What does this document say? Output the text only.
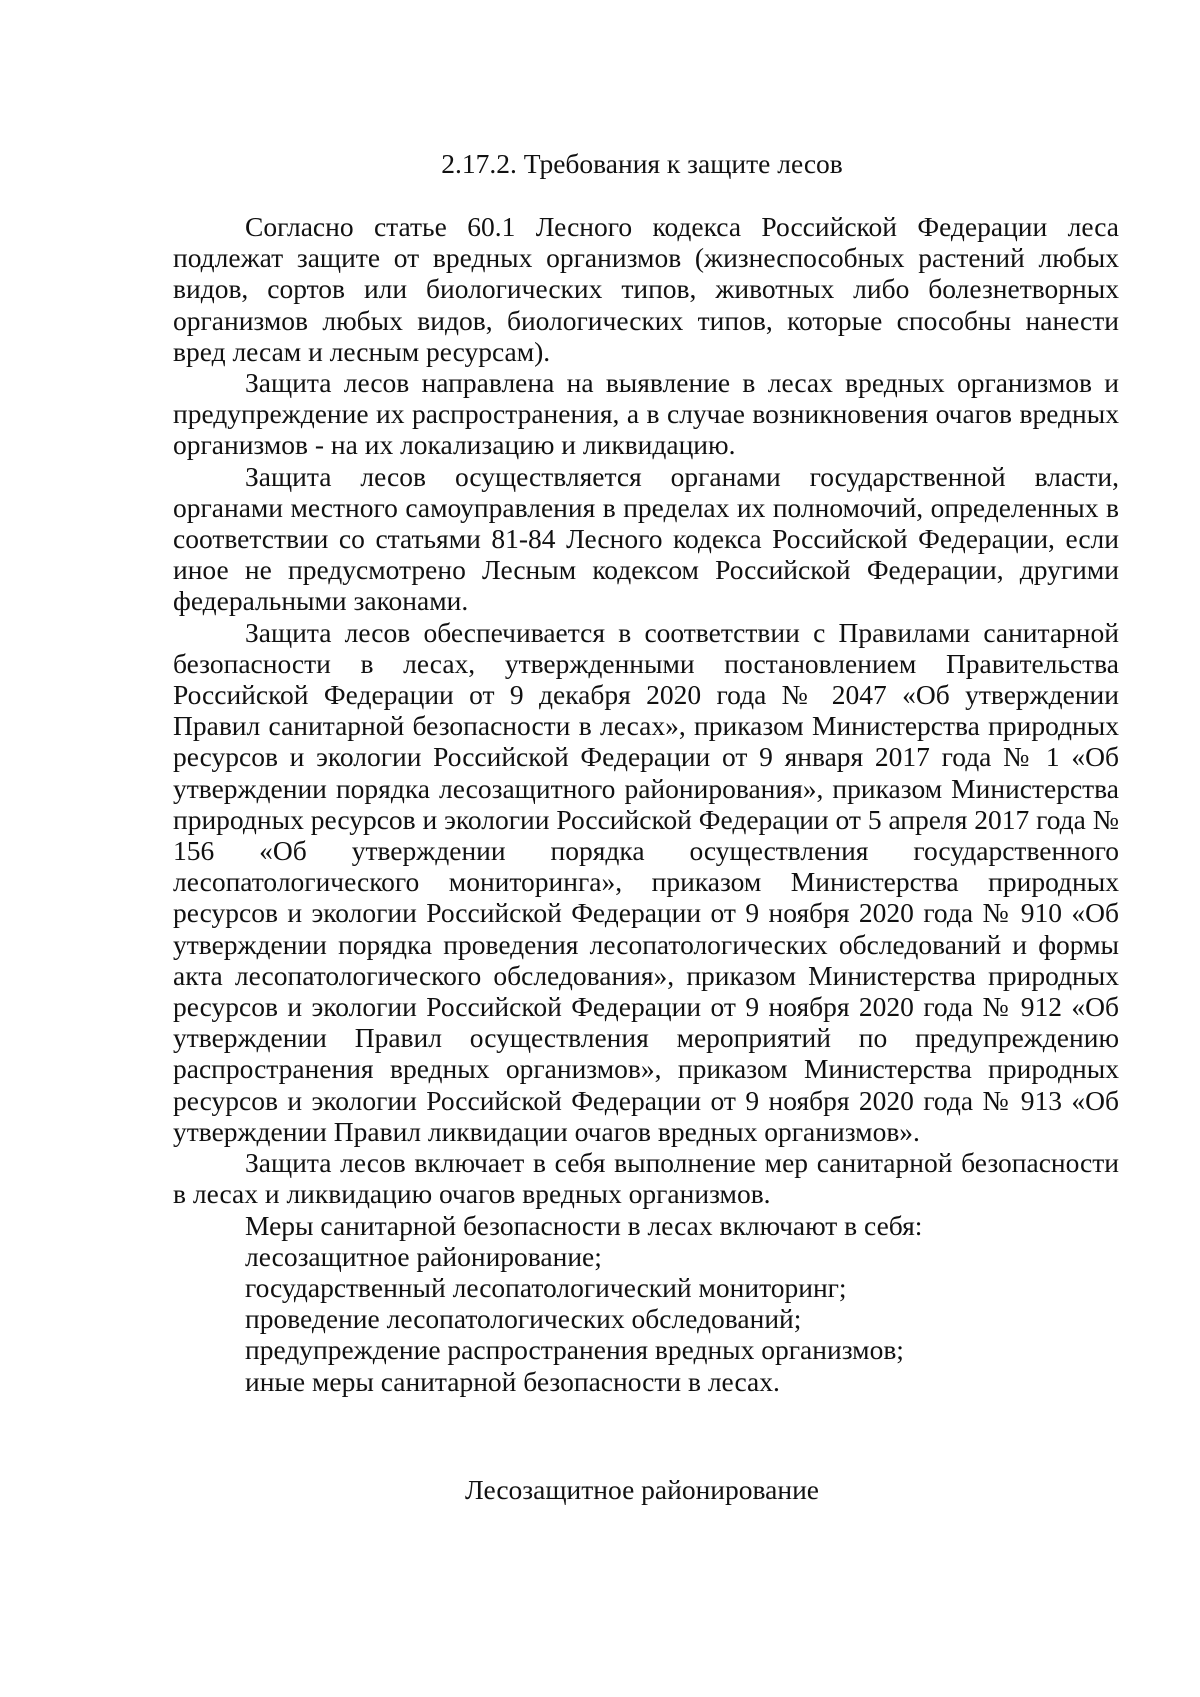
2.17.2. Требования к защите лесов

Согласно статье 60.1 Лесного кодекса Российской Федерации леса подлежат защите от вредных организмов (жизнеспособных растений любых видов, сортов или биологических типов, животных либо болезнетворных организмов любых видов, биологических типов, которые способны нанести вред лесам и лесным ресурсам).

Защита лесов направлена на выявление в лесах вредных организмов и предупреждение их распространения, а в случае возникновения очагов вредных организмов - на их локализацию и ликвидацию.

Защита лесов осуществляется органами государственной власти, органами местного самоуправления в пределах их полномочий, определенных в соответствии со статьями 81-84 Лесного кодекса Российской Федерации, если иное не предусмотрено Лесным кодексом Российской Федерации, другими федеральными законами.

Защита лесов обеспечивается в соответствии с Правилами санитарной безопасности в лесах, утвержденными постановлением Правительства Российской Федерации от 9 декабря 2020 года № 2047 «Об утверждении Правил санитарной безопасности в лесах», приказом Министерства природных ресурсов и экологии Российской Федерации от 9 января 2017 года № 1 «Об утверждении порядка лесозащитного районирования», приказом Министерства природных ресурсов и экологии Российской Федерации от 5 апреля 2017 года № 156 «Об утверждении порядка осуществления государственного лесопатологического мониторинга», приказом Министерства природных ресурсов и экологии Российской Федерации от 9 ноября 2020 года № 910 «Об утверждении порядка проведения лесопатологических обследований и формы акта лесопатологического обследования», приказом Министерства природных ресурсов и экологии Российской Федерации от 9 ноября 2020 года № 912 «Об утверждении Правил осуществления мероприятий по предупреждению распространения вредных организмов», приказом Министерства природных ресурсов и экологии Российской Федерации от 9 ноября 2020 года № 913 «Об утверждении Правил ликвидации очагов вредных организмов».

Защита лесов включает в себя выполнение мер санитарной безопасности в лесах и ликвидацию очагов вредных организмов.

Меры санитарной безопасности в лесах включают в себя:

лесозащитное районирование;
государственный лесопатологический мониторинг;
проведение лесопатологических обследований;
предупреждение распространения вредных организмов;
иные меры санитарной безопасности в лесах.
Лесозащитное районирование
